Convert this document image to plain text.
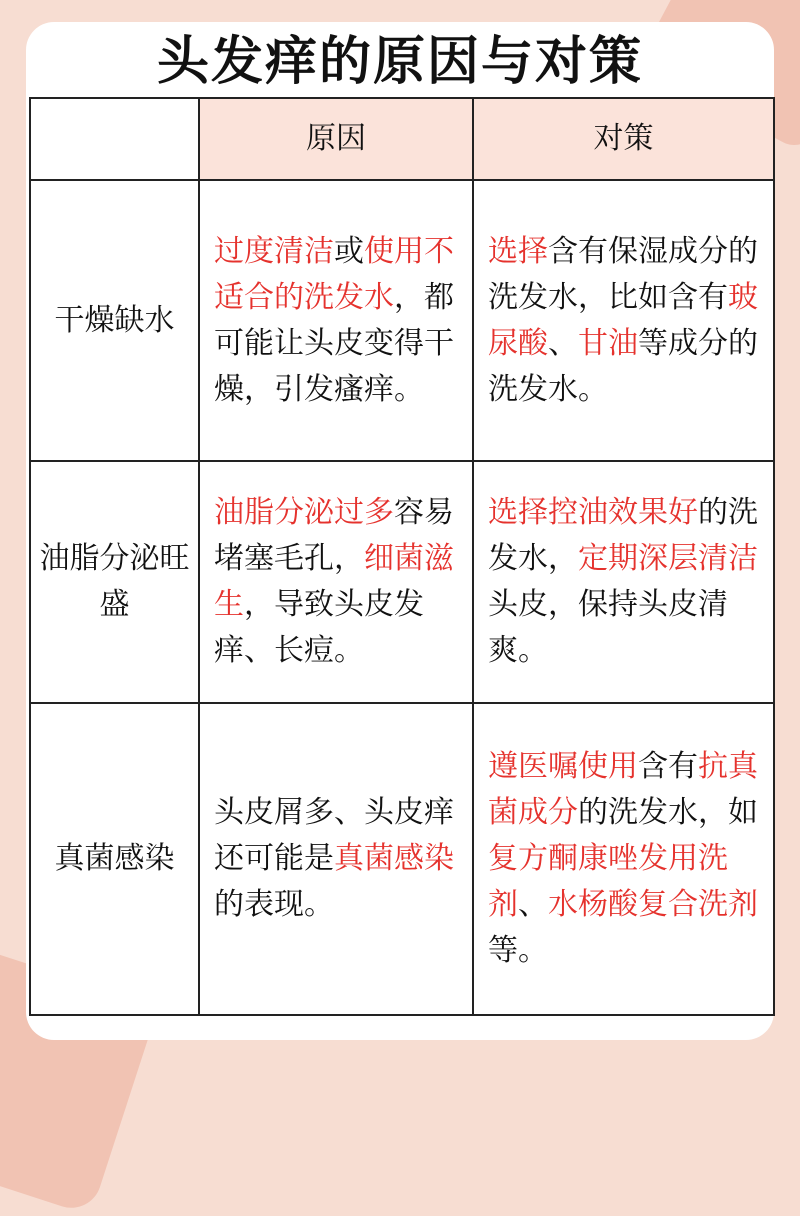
头发痒的原因与对策
	原因	对策
干燥缺水	过度清洁或使用不适合的洗发水，都可能让头皮变得干燥，引发瘙痒。	选择含有保湿成分的洗发水，比如含有玻尿酸、甘油等成分的洗发水。
油脂分泌旺盛	油脂分泌过多容易堵塞毛孔，细菌滋生，导致头皮发痒、长痘。	选择控油效果好的洗发水，定期深层清洁头皮，保持头皮清爽。
真菌感染	头皮屑多、头皮痒还可能是真菌感染的表现。	遵医嘱使用含有抗真菌成分的洗发水，如复方酮康唑发用洗剂、水杨酸复合洗剂等。
